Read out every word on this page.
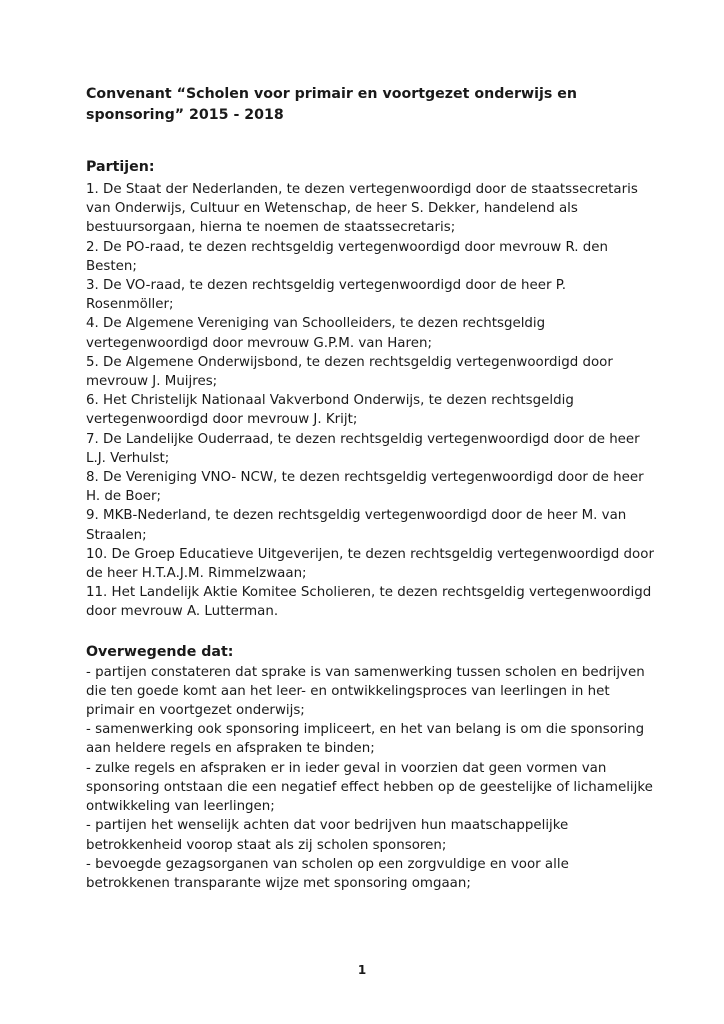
Convenant “Scholen voor primair en voortgezet onderwijs en sponsoring” 2015 - 2018

Partijen:

1. De Staat der Nederlanden, te dezen vertegenwoordigd door de staatssecretaris van Onderwijs, Cultuur en Wetenschap, de heer S. Dekker, handelend als bestuursorgaan, hierna te noemen de staatssecretaris;
2. De PO-raad, te dezen rechtsgeldig vertegenwoordigd door mevrouw R. den Besten;
3. De VO-raad, te dezen rechtsgeldig vertegenwoordigd door de heer P. Rosenmöller;
4. De Algemene Vereniging van Schoolleiders, te dezen rechtsgeldig vertegenwoordigd door mevrouw G.P.M. van Haren;
5. De Algemene Onderwijsbond, te dezen rechtsgeldig vertegenwoordigd door mevrouw J. Muijres;
6. Het Christelijk Nationaal Vakverbond Onderwijs, te dezen rechtsgeldig vertegenwoordigd door mevrouw J. Krijt;
7. De Landelijke Ouderraad, te dezen rechtsgeldig vertegenwoordigd door de heer L.J. Verhulst;
8. De Vereniging VNO- NCW, te dezen rechtsgeldig vertegenwoordigd door de heer H. de Boer;
9. MKB-Nederland, te dezen rechtsgeldig vertegenwoordigd door de heer M. van Straalen;
10. De Groep Educatieve Uitgeverijen, te dezen rechtsgeldig vertegenwoordigd door de heer H.T.A.J.M. Rimmelzwaan;
11. Het Landelijk Aktie Komitee Scholieren, te dezen rechtsgeldig vertegenwoordigd door mevrouw A. Lutterman.

Overwegende dat:

- partijen constateren dat sprake is van samenwerking tussen scholen en bedrijven die ten goede komt aan het leer- en ontwikkelingsproces van leerlingen in het primair en voortgezet onderwijs;
- samenwerking ook sponsoring impliceert, en het van belang is om die sponsoring aan heldere regels en afspraken te binden;
- zulke regels en afspraken er in ieder geval in voorzien dat geen vormen van sponsoring ontstaan die een negatief effect hebben op de geestelijke of lichamelijke ontwikkeling van leerlingen;
- partijen het wenselijk achten dat voor bedrijven hun maatschappelijke betrokkenheid voorop staat als zij scholen sponsoren;
- bevoegde gezagsorganen van scholen op een zorgvuldige en voor alle betrokkenen transparante wijze met sponsoring omgaan;
1
